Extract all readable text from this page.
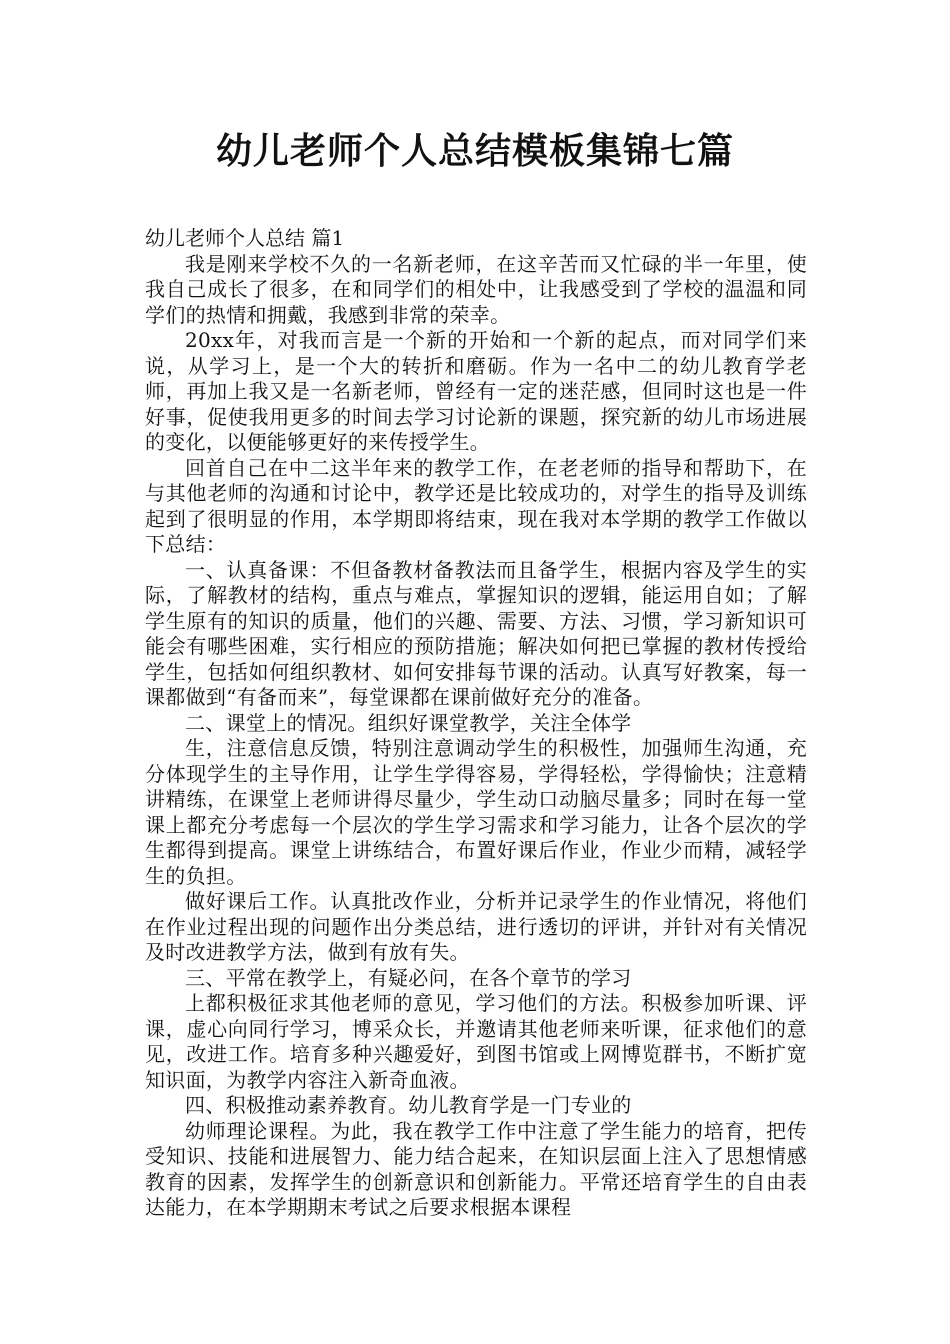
幼儿老师个人总结模板集锦七篇

幼儿老师个人总结 篇1

我是刚来学校不久的一名新老师，在这辛苦而又忙碌的半一年里，使我自己成长了很多，在和同学们的相处中，让我感受到了学校的温温和同学们的热情和拥戴，我感到非常的荣幸。

20xx年，对我而言是一个新的开始和一个新的起点，而对同学们来说，从学习上，是一个大的转折和磨砺。作为一名中二的幼儿教育学老师，再加上我又是一名新老师，曾经有一定的迷茫感，但同时这也是一件好事，促使我用更多的时间去学习讨论新的课题，探究新的幼儿市场进展的变化，以便能够更好的来传授学生。

回首自己在中二这半年来的教学工作，在老老师的指导和帮助下，在与其他老师的沟通和讨论中，教学还是比较成功的，对学生的指导及训练起到了很明显的作用，本学期即将结束，现在我对本学期的教学工作做以下总结：

一、认真备课：不但备教材备教法而且备学生，根据内容及学生的实际，了解教材的结构，重点与难点，掌握知识的逻辑，能运用自如；了解学生原有的知识的质量，他们的兴趣、需要、方法、习惯，学习新知识可能会有哪些困难，实行相应的预防措施；解决如何把已掌握的教材传授给学生，包括如何组织教材、如何安排每节课的活动。认真写好教案，每一课都做到“有备而来”，每堂课都在课前做好充分的准备。

二、课堂上的情况。组织好课堂教学，关注全体学

生，注意信息反馈，特别注意调动学生的积极性，加强师生沟通，充分体现学生的主导作用，让学生学得容易，学得轻松，学得愉快；注意精讲精练，在课堂上老师讲得尽量少，学生动口动脑尽量多；同时在每一堂课上都充分考虑每一个层次的学生学习需求和学习能力，让各个层次的学生都得到提高。课堂上讲练结合，布置好课后作业，作业少而精，减轻学生的负担。

做好课后工作。认真批改作业，分析并记录学生的作业情况，将他们在作业过程出现的问题作出分类总结，进行透切的评讲，并针对有关情况及时改进教学方法，做到有放有失。

三、平常在教学上，有疑必问，在各个章节的学习

上都积极征求其他老师的意见，学习他们的方法。积极参加听课、评课，虚心向同行学习，博采众长，并邀请其他老师来听课，征求他们的意见，改进工作。培育多种兴趣爱好，到图书馆或上网博览群书，不断扩宽知识面，为教学内容注入新奇血液。

四、积极推动素养教育。幼儿教育学是一门专业的

幼师理论课程。为此，我在教学工作中注意了学生能力的培育，把传受知识、技能和进展智力、能力结合起来，在知识层面上注入了思想情感教育的因素，发挥学生的创新意识和创新能力。平常还培育学生的自由表达能力，在本学期期末考试之后要求根据本课程
